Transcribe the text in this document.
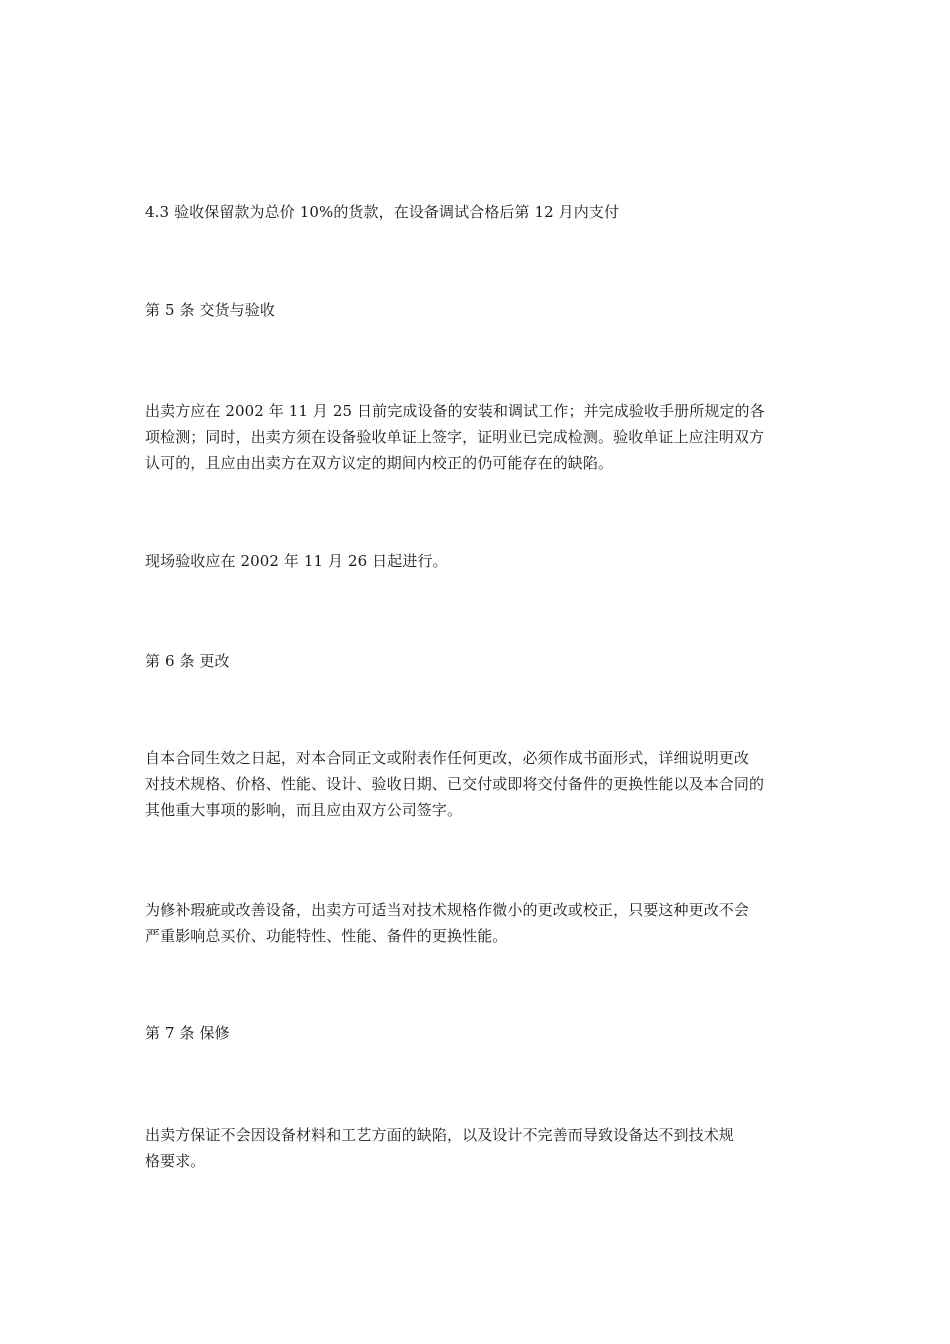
4.3 验收保留款为总价 10%的货款，在设备调试合格后第 12 月内支付
第 5 条 交货与验收
出卖方应在 2002 年 11 月 25 日前完成设备的安装和调试工作；并完成验收手册所规定的各
项检测；同时，出卖方须在设备验收单证上签字，证明业已完成检测。验收单证上应注明双方
认可的，且应由出卖方在双方议定的期间内校正的仍可能存在的缺陷。
现场验收应在 2002 年 11 月 26 日起进行。
第 6 条 更改
自本合同生效之日起，对本合同正文或附表作任何更改，必须作成书面形式，详细说明更改
对技术规格、价格、性能、设计、验收日期、已交付或即将交付备件的更换性能以及本合同的
其他重大事项的影响，而且应由双方公司签字。
为修补瑕疵或改善设备，出卖方可适当对技术规格作微小的更改或校正，只要这种更改不会
严重影响总买价、功能特性、性能、备件的更换性能。
第 7 条 保修
出卖方保证不会因设备材料和工艺方面的缺陷，以及设计不完善而导致设备达不到技术规
格要求。
